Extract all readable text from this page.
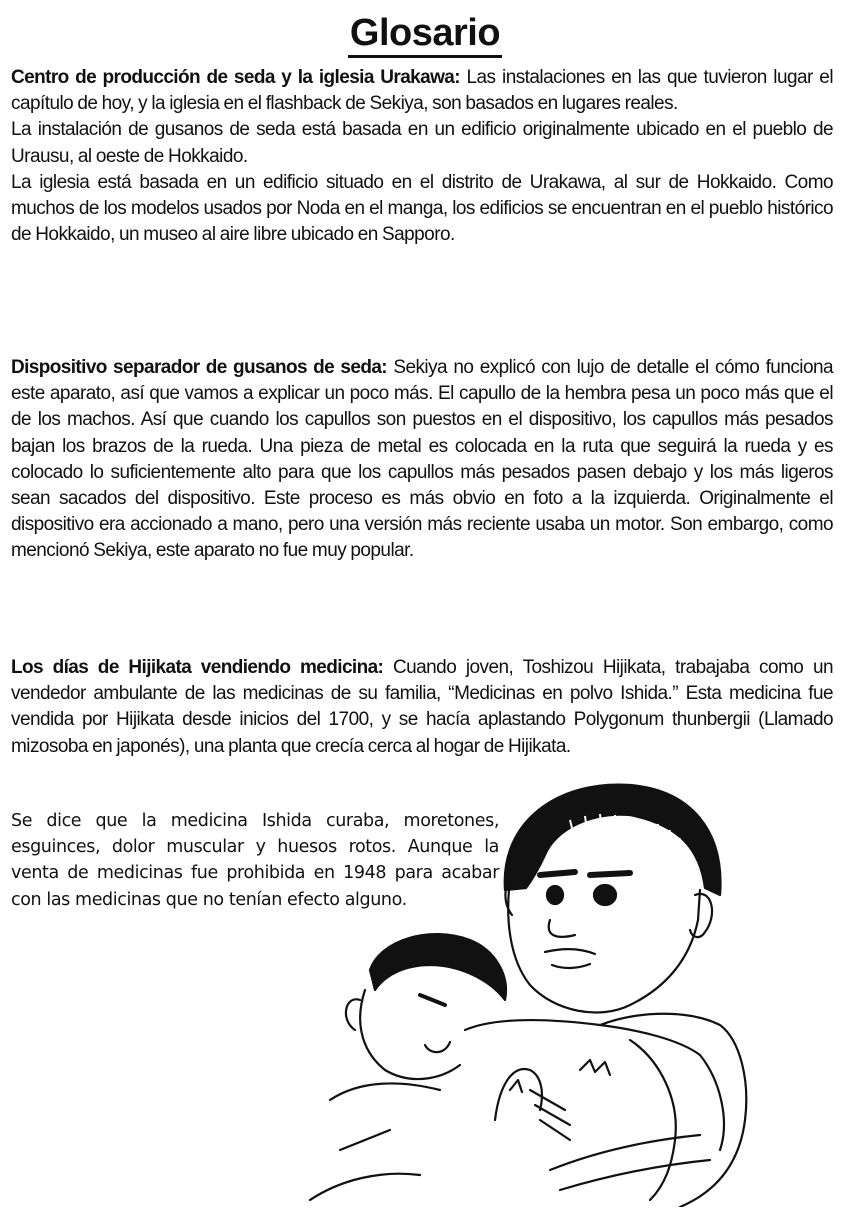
Glosario

Centro de producción de seda y la iglesia Urakawa: Las instalaciones en las que tuvieron lugar el capítulo de hoy, y la iglesia en el flashback de Sekiya, son basados en lugares reales.

La instalación de gusanos de seda está basada en un edificio originalmente ubicado en el pueblo de Urausu, al oeste de Hokkaido.

La iglesia está basada en un edificio situado en el distrito de Urakawa, al sur de Hokkaido. Como muchos de los modelos usados por Noda en el manga, los edificios se encuentran en el pueblo histórico de Hokkaido, un museo al aire libre ubicado en Sapporo.

Dispositivo separador de gusanos de seda: Sekiya no explicó con lujo de detalle el cómo funciona este aparato, así que vamos a explicar un poco más. El capullo de la hembra pesa un poco más que el de los machos. Así que cuando los capullos son puestos en el dispositivo, los capullos más pesados bajan los brazos de la rueda. Una pieza de metal es colocada en la ruta que seguirá la rueda y es colocado lo suficientemente alto para que los capullos más pesados pasen debajo y los más ligeros sean sacados del dispositivo. Este proceso es más obvio en foto a la izquierda. Originalmente el dispositivo era accionado a mano, pero una versión más reciente usaba un motor. Son embargo, como mencionó Sekiya, este aparato no fue muy popular.

Los días de Hijikata vendiendo medicina: Cuando joven, Toshizou Hijikata, trabajaba como un vendedor ambulante de las medicinas de su familia, “Medicinas en polvo Ishida.” Esta medicina fue vendida por Hijikata desde inicios del 1700, y se hacía aplastando Polygonum thunbergii (Llamado mizosoba en japonés), una planta que crecía cerca al hogar de Hijikata.

Se dice que la medicina Ishida curaba, moretones, esguinces, dolor muscular y huesos rotos. Aunque la venta de medicinas fue prohibida en 1948 para acabar con las medicinas que no tenían efecto alguno.
